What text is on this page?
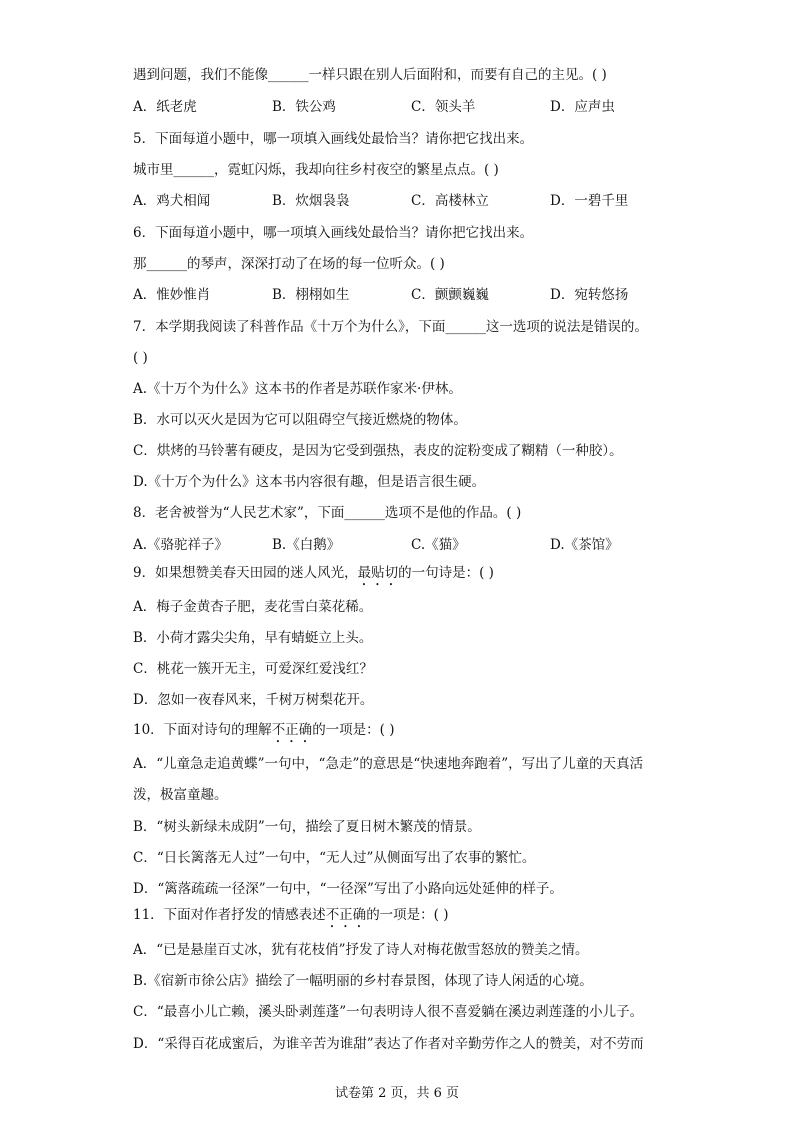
遇到问题，我们不能像______一样只跟在别人后面附和，而要有自己的主见。( )
A．纸老虎	B．铁公鸡	C．领头羊	D．应声虫
5．下面每道小题中，哪一项填入画线处最恰当？请你把它找出来。
城市里______，霓虹闪烁，我却向往乡村夜空的繁星点点。( )
A．鸡犬相闻	B．炊烟袅袅	C．高楼林立	D．一碧千里
6．下面每道小题中，哪一项填入画线处最恰当？请你把它找出来。
那______的琴声，深深打动了在场的每一位听众。( )
A．惟妙惟肖	B．栩栩如生	C．颤颤巍巍	D．宛转悠扬
7．本学期我阅读了科普作品《十万个为什么》，下面______这一选项的说法是错误的。
( )
A.《十万个为什么》这本书的作者是苏联作家米·伊林。
B．水可以灭火是因为它可以阻碍空气接近燃烧的物体。
C．烘烤的马铃薯有硬皮，是因为它受到强热，表皮的淀粉变成了糊精（一种胶）。
D.《十万个为什么》这本书内容很有趣，但是语言很生硬。
8．老舍被誉为“人民艺术家”，下面______选项不是他的作品。( )
A.《骆驼祥子》	B.《白鹅》	C.《猫》	D.《茶馆》
9．如果想赞美春天田园的迷人风光，最贴切的一句诗是：( )
A．梅子金黄杏子肥，麦花雪白菜花稀。
B．小荷才露尖尖角，早有蜻蜓立上头。
C．桃花一簇开无主，可爱深红爱浅红？
D．忽如一夜春风来，千树万树梨花开。
10．下面对诗句的理解不正确的一项是：( )
A．“儿童急走追黄蝶”一句中，“急走”的意思是“快速地奔跑着”，写出了儿童的天真活
泼，极富童趣。
B．“树头新绿未成阴”一句，描绘了夏日树木繁茂的情景。
C．“日长篱落无人过”一句中，“无人过”从侧面写出了农事的繁忙。
D．“篱落疏疏一径深”一句中，“一径深”写出了小路向远处延伸的样子。
11．下面对作者抒发的情感表述不正确的一项是：( )
A．“已是悬崖百丈冰，犹有花枝俏”抒发了诗人对梅花傲雪怒放的赞美之情。
B.《宿新市徐公店》描绘了一幅明丽的乡村春景图，体现了诗人闲适的心境。
C．“最喜小儿亡赖，溪头卧剥莲蓬”一句表明诗人很不喜爱躺在溪边剥莲蓬的小儿子。
D．“采得百花成蜜后，为谁辛苦为谁甜”表达了作者对辛勤劳作之人的赞美，对不劳而
试卷第 2 页，共 6 页
